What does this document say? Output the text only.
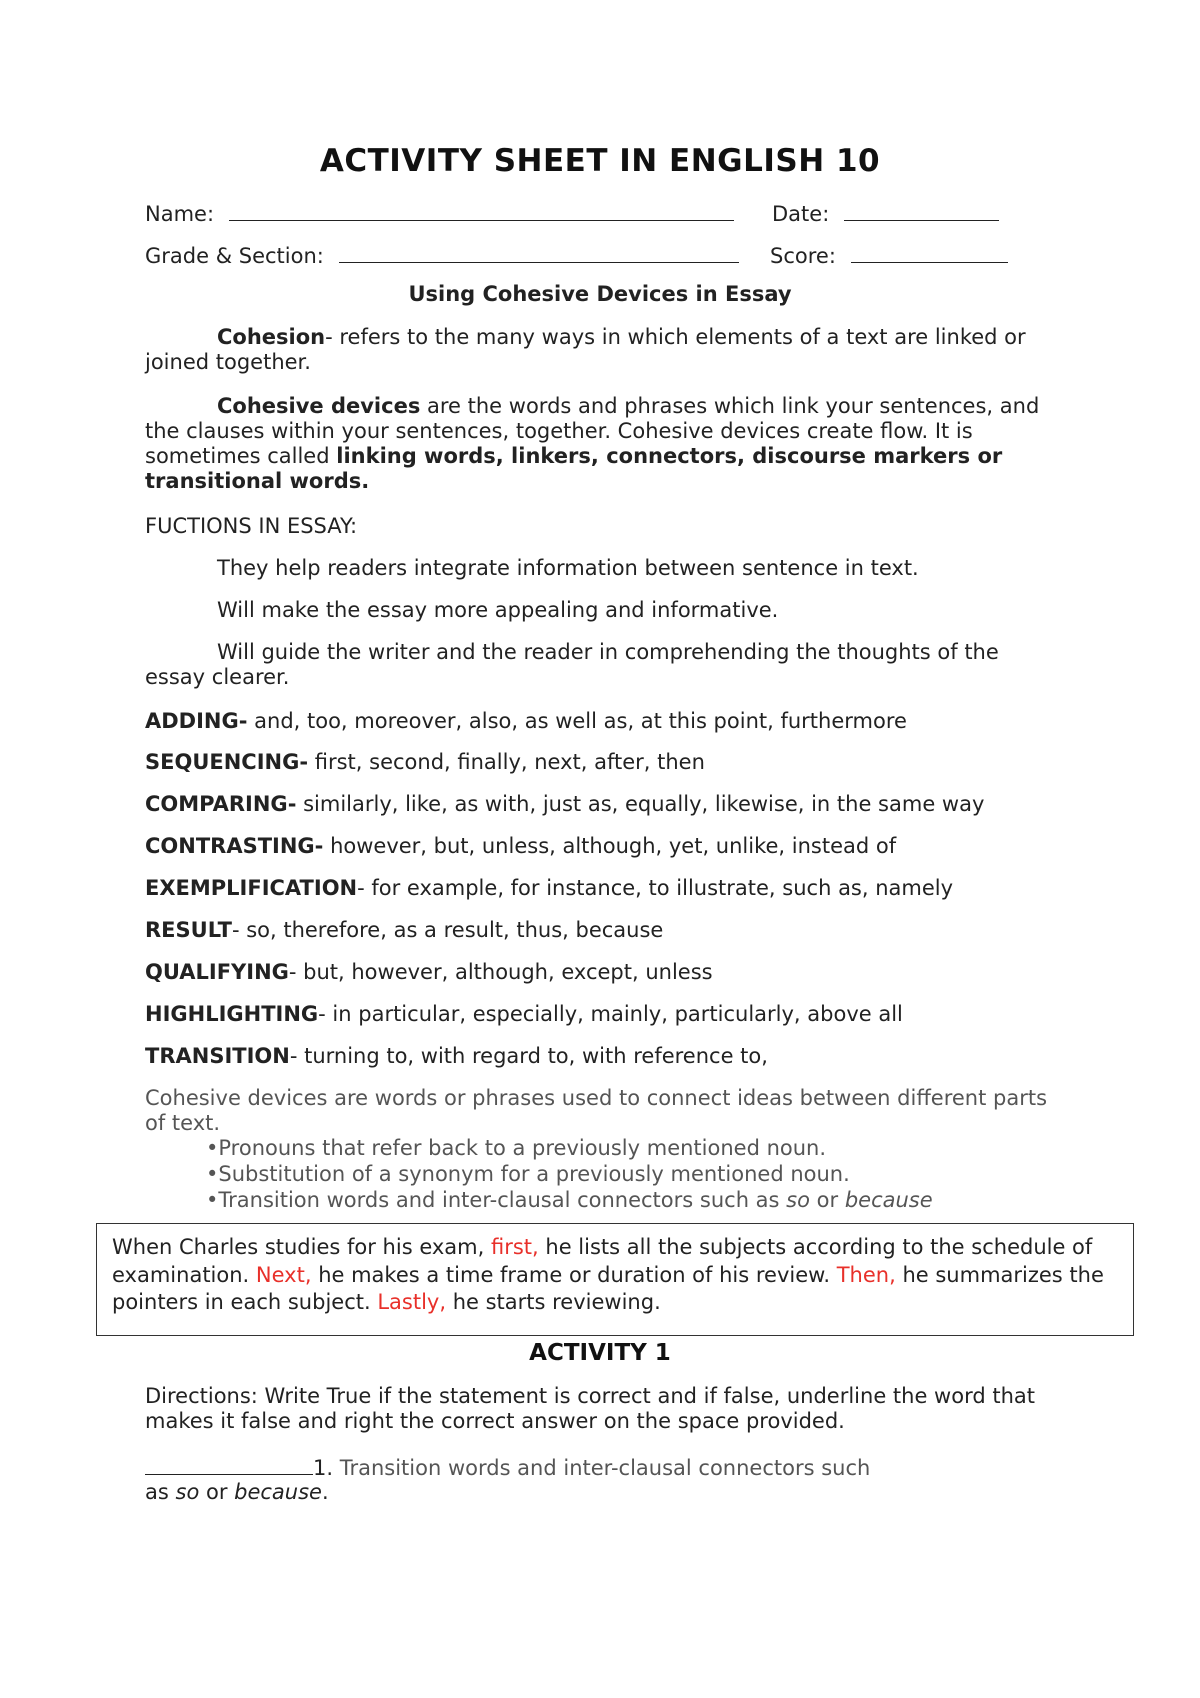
ACTIVITY SHEET IN ENGLISH 10
Name:	Date:
Grade & Section:	Score:
Using Cohesive Devices in Essay
Cohesion- refers to the many ways in which elements of a text are linked or joined together.
Cohesive devices are the words and phrases which link your sentences, and the clauses within your sentences, together. Cohesive devices create flow. It is sometimes called linking words, linkers, connectors, discourse markers or transitional words.
FUCTIONS IN ESSAY:
They help readers integrate information between sentence in text.
Will make the essay more appealing and informative.
Will guide the writer and the reader in comprehending the thoughts of the essay clearer.
ADDING- and, too, moreover, also, as well as, at this point, furthermore
SEQUENCING- first, second, finally, next, after, then
COMPARING- similarly, like, as with, just as, equally, likewise, in the same way
CONTRASTING- however, but, unless, although, yet, unlike, instead of
EXEMPLIFICATION- for example, for instance, to illustrate, such as, namely
RESULT- so, therefore, as a result, thus, because
QUALIFYING- but, however, although, except, unless
HIGHLIGHTING- in particular, especially, mainly, particularly, above all
TRANSITION- turning to, with regard to, with reference to,
Cohesive devices are words or phrases used to connect ideas between different parts of text.
•Pronouns that refer back to a previously mentioned noun.
•Substitution of a synonym for a previously mentioned noun.
•Transition words and inter-clausal connectors such as so or because
When Charles studies for his exam, first, he lists all the subjects according to the schedule of examination. Next, he makes a time frame or duration of his review. Then, he summarizes the pointers in each subject. Lastly, he starts reviewing.
ACTIVITY 1
Directions: Write True if the statement is correct and if false, underline the word that makes it false and right the correct answer on the space provided.
1. Transition words and inter-clausal connectors such
as so or because.
